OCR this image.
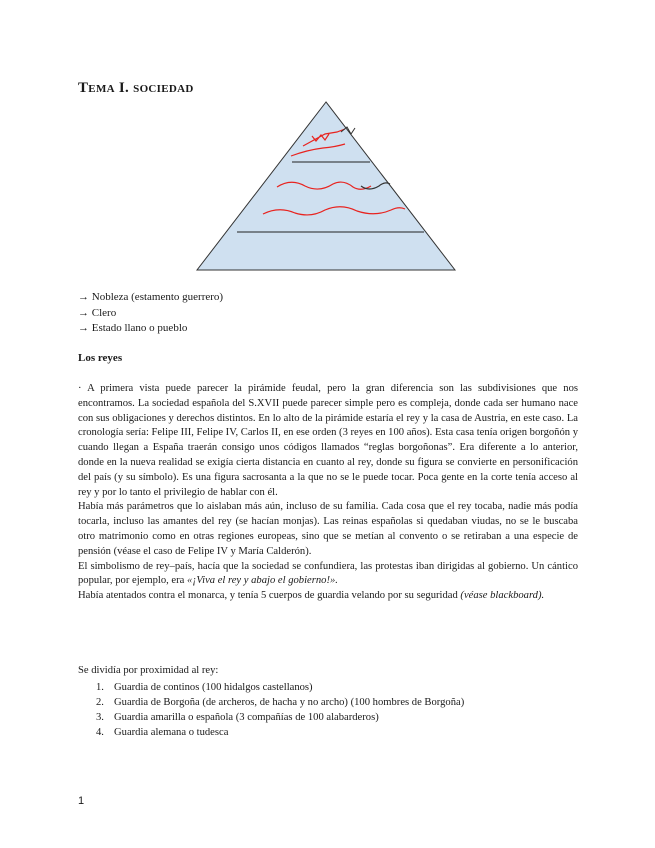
Tema I. sociedad
→ Nobleza (estamento guerrero)
→ Clero
→ Estado llano o pueblo
Los reyes

· A primera vista puede parecer la pirámide feudal, pero la gran diferencia son las subdivisiones que nos encontramos. La sociedad española del S.XVII puede parecer simple pero es compleja, donde cada ser humano nace con sus obligaciones y derechos distintos. En lo alto de la pirámide estaría el rey y la casa de Austria, en este caso. La cronología sería: Felipe III, Felipe IV, Carlos II, en ese orden (3 reyes en 100 años). Esta casa tenía origen borgoñón y cuando llegan a España traerán consigo unos códigos llamados “reglas borgoñonas”. Era diferente a lo anterior, donde en la nueva realidad se exigía cierta distancia en cuanto al rey, donde su figura se convierte en personificación del país (y su símbolo). Es una figura sacrosanta a la que no se le puede tocar. Poca gente en la corte tenía acceso al rey y por lo tanto el privilegio de hablar con él.

Había más parámetros que lo aislaban más aún, incluso de su familia. Cada cosa que el rey tocaba, nadie más podía tocarla, incluso las amantes del rey (se hacían monjas). Las reinas españolas si quedaban viudas, no se le buscaba otro matrimonio como en otras regiones europeas, sino que se metían al convento o se retiraban a una especie de pensión (véase el caso de Felipe IV y María Calderón).

El simbolismo de rey–país, hacía que la sociedad se confundiera, las protestas iban dirigidas al gobierno. Un cántico popular, por ejemplo, era «¡Viva el rey y abajo el gobierno!».

Había atentados contra el monarca, y tenía 5 cuerpos de guardia velando por su seguridad (véase blackboard).

Se dividía por proximidad al rey:
1. Guardia de continos (100 hidalgos castellanos)
2. Guardia de Borgoña (de archeros, de hacha y no archo) (100 hombres de Borgoña)
3. Guardia amarilla o española (3 compañías de 100 alabarderos)
4. Guardia alemana o tudesca
1
